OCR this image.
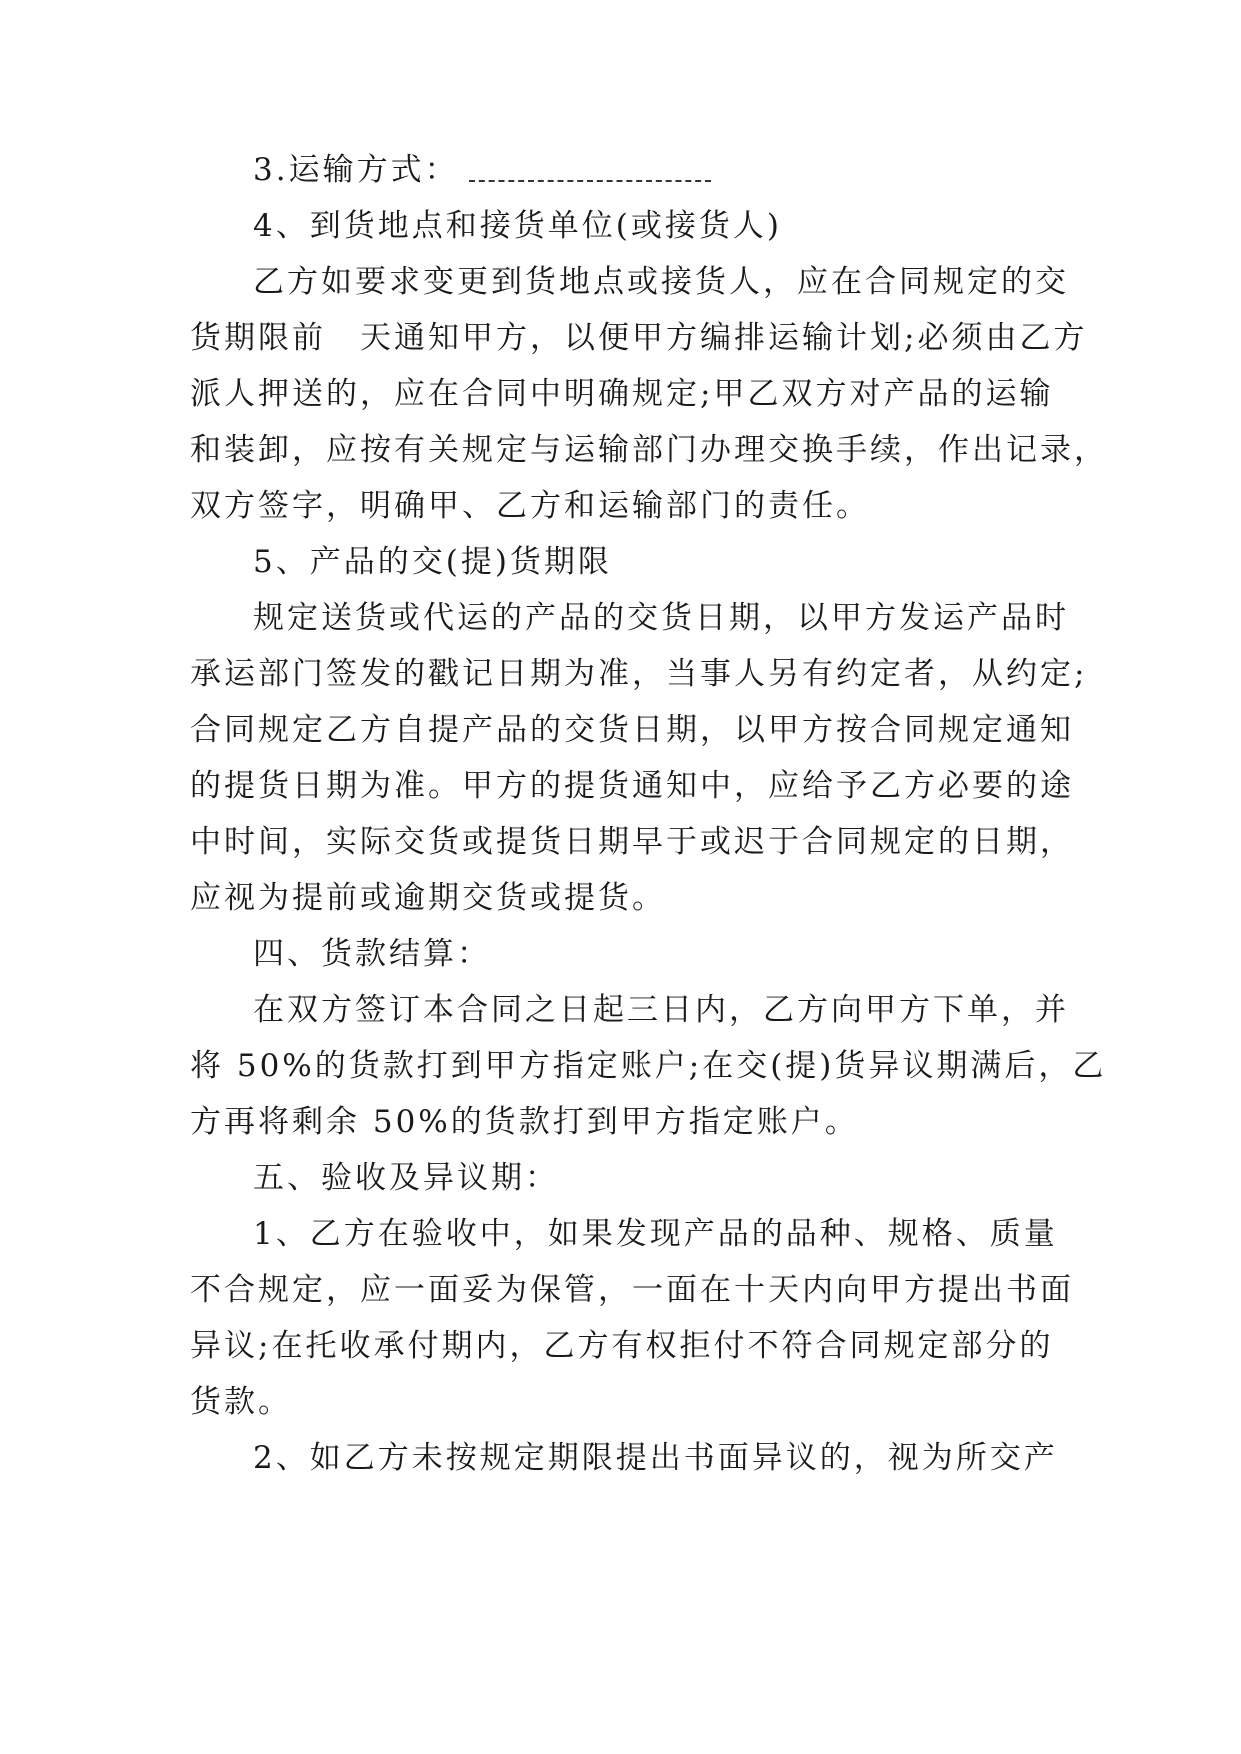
3.运输方式：
4、到货地点和接货单位(或接货人)
乙方如要求变更到货地点或接货人，应在合同规定的交
货期限前　天通知甲方，以便甲方编排运输计划;必须由乙方
派人押送的，应在合同中明确规定;甲乙双方对产品的运输
和装卸，应按有关规定与运输部门办理交换手续，作出记录，
双方签字，明确甲、乙方和运输部门的责任。
5、产品的交(提)货期限
规定送货或代运的产品的交货日期，以甲方发运产品时
承运部门签发的戳记日期为准，当事人另有约定者，从约定;
合同规定乙方自提产品的交货日期，以甲方按合同规定通知
的提货日期为准。甲方的提货通知中，应给予乙方必要的途
中时间，实际交货或提货日期早于或迟于合同规定的日期，
应视为提前或逾期交货或提货。
四、货款结算：
在双方签订本合同之日起三日内，乙方向甲方下单，并
将 50%的货款打到甲方指定账户;在交(提)货异议期满后，乙
方再将剩余 50%的货款打到甲方指定账户。
五、验收及异议期：
1、乙方在验收中，如果发现产品的品种、规格、质量
不合规定，应一面妥为保管，一面在十天内向甲方提出书面
异议;在托收承付期内，乙方有权拒付不符合同规定部分的
货款。
2、如乙方未按规定期限提出书面异议的，视为所交产
